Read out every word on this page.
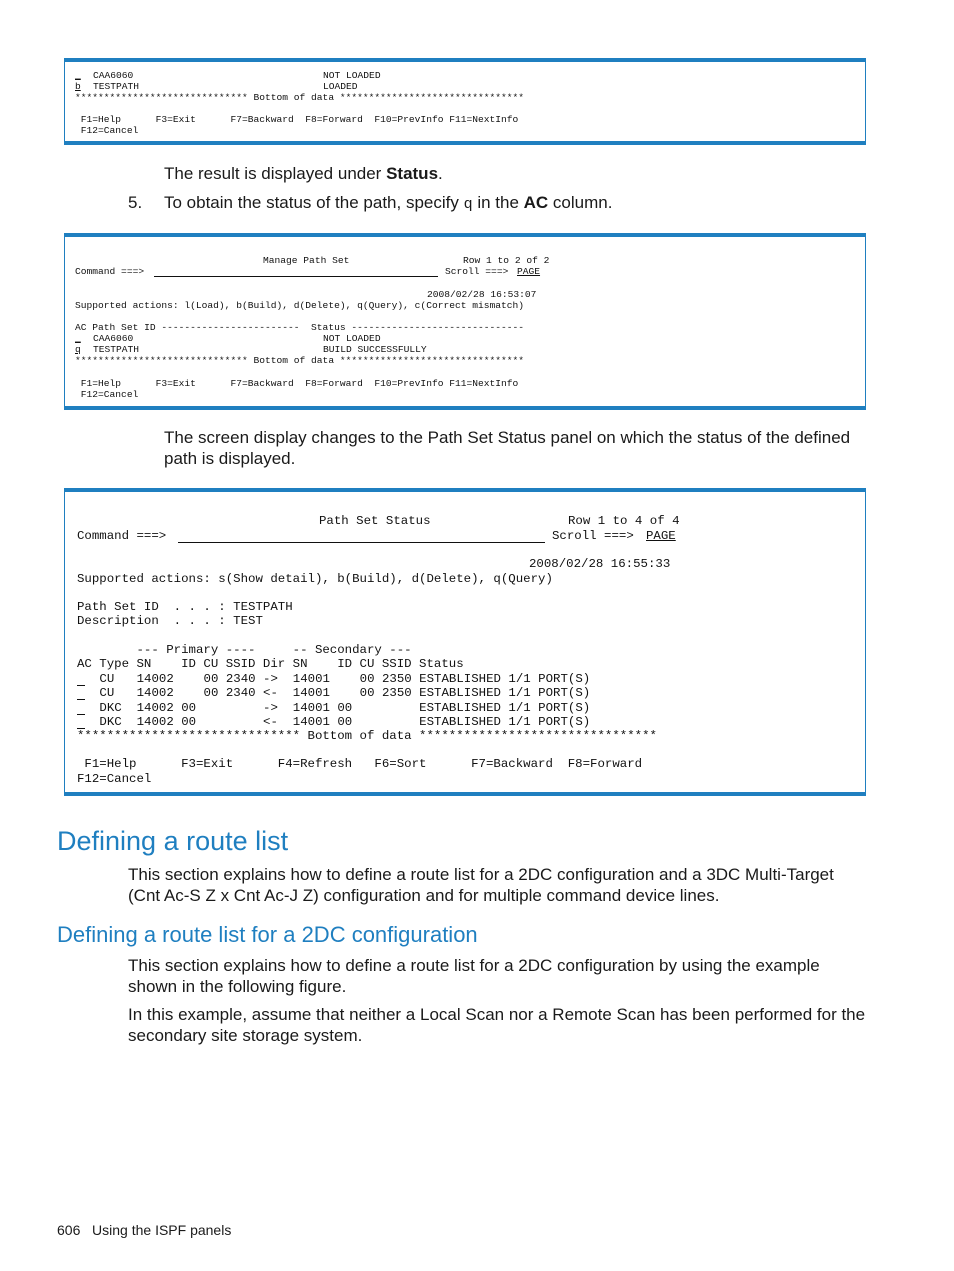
_ CAA6060	NOT LOADED
b TESTPATH	LOADED
****************************** Bottom of data ********************************
F1=Help      F3=Exit      F7=Backward  F8=Forward  F10=PrevInfo F11=NextInfo
F12=Cancel
The result is displayed under Status.
5. To obtain the status of the path, specify q in the AC column.
Manage Path Set	Row 1 to 2 of 2
Command ===>	Scroll ===> PAGE
2008/02/28 16:53:07
Supported actions: l(Load), b(Build), d(Delete), q(Query), c(Correct mismatch)
AC Path Set ID ------------------------  Status ------------------------------
_ CAA6060	NOT LOADED
q TESTPATH	BUILD SUCCESSFULLY
****************************** Bottom of data ********************************
F1=Help      F3=Exit      F7=Backward  F8=Forward  F10=PrevInfo F11=NextInfo
F12=Cancel
The screen display changes to the Path Set Status panel on which the status of the defined path is displayed.
Path Set Status	Row 1 to 4 of 4
Command ===>	Scroll ===> PAGE
2008/02/28 16:55:33
Supported actions: s(Show detail), b(Build), d(Delete), q(Query)
Path Set ID  . . . : TESTPATH
Description  . . . : TEST
--- Primary ----     -- Secondary ---
AC Type SN    ID CU SSID Dir SN    ID CU SSID Status
CU   14002    00 2340 ->  14001    00 2350 ESTABLISHED 1/1 PORT(S)
CU   14002    00 2340 <-  14001    00 2350 ESTABLISHED 1/1 PORT(S)
DKC  14002 00         ->  14001 00         ESTABLISHED 1/1 PORT(S)
DKC  14002 00         <-  14001 00         ESTABLISHED 1/1 PORT(S)
****************************** Bottom of data ********************************
F1=Help      F3=Exit      F4=Refresh   F6=Sort      F7=Backward  F8=Forward
F12=Cancel
Defining a route list
This section explains how to define a route list for a 2DC configuration and a 3DC Multi-Target (Cnt Ac-S Z x Cnt Ac-J Z) configuration and for multiple command device lines.
Defining a route list for a 2DC configuration
This section explains how to define a route list for a 2DC configuration by using the example shown in the following figure.
In this example, assume that neither a Local Scan nor a Remote Scan has been performed for the secondary site storage system.
606 Using the ISPF panels
